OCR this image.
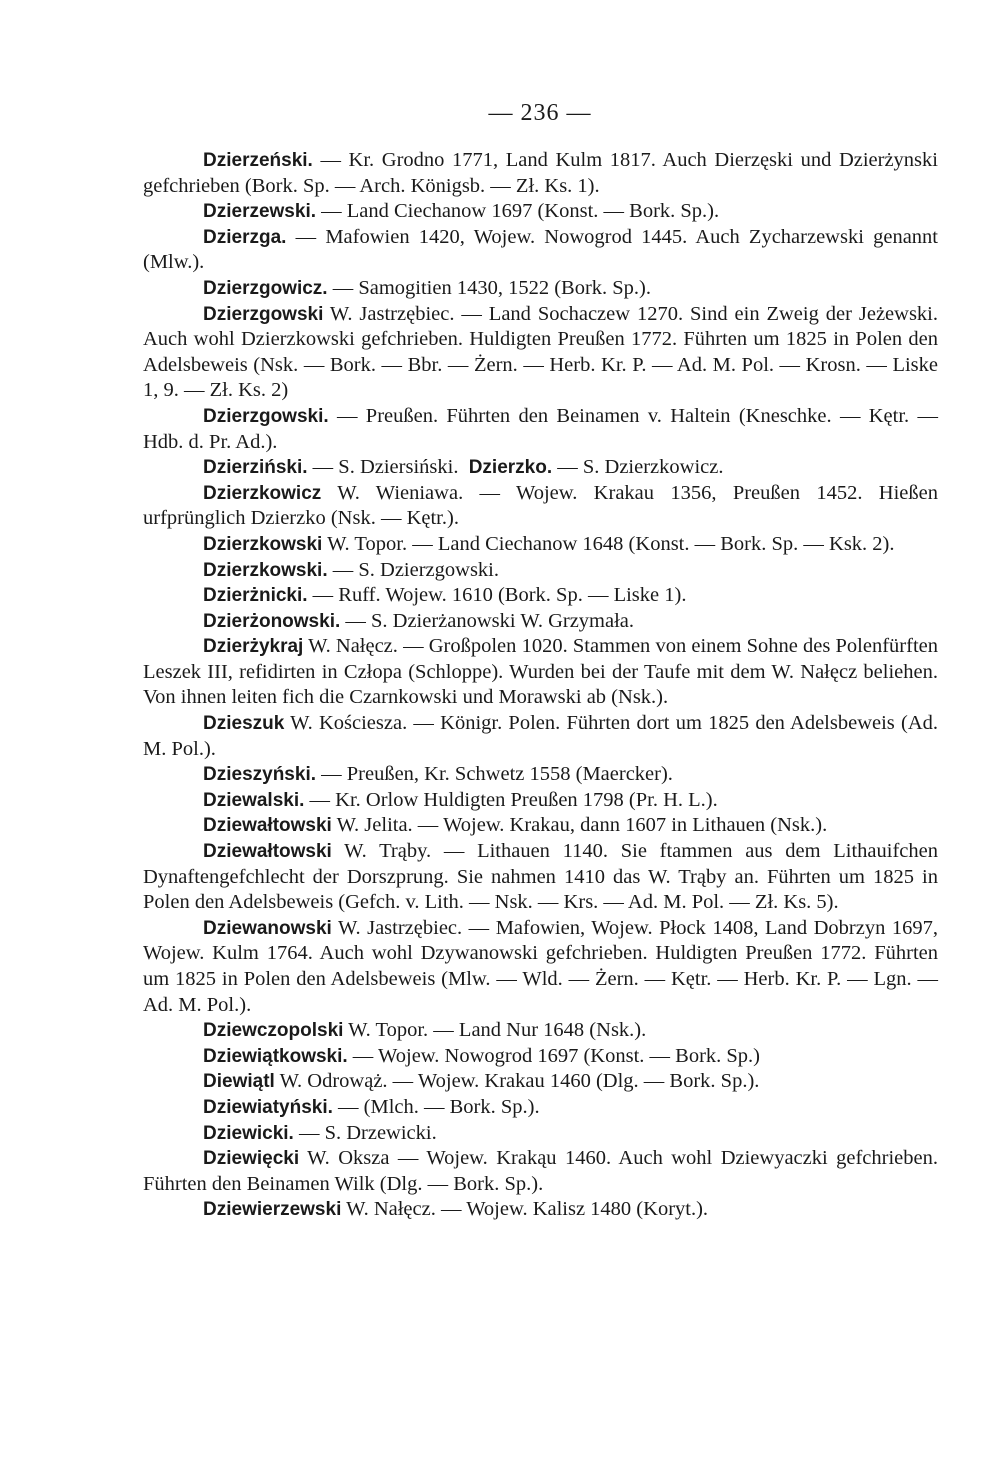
— 236 —

Dzierzeński. — Kr. Grodno 1771, Land Kulm 1817. Auch Dierzęski und Dzierżynski gefchrieben (Bork. Sp. — Arch. Königsb. — Zł. Ks. 1).

Dzierzewski. — Land Ciechanow 1697 (Konst. — Bork. Sp.).

Dzierzga. — Mafowien 1420, Wojew. Nowogrod 1445. Auch Zycharzewski genannt (Mlw.).

Dzierzgowicz. — Samogitien 1430, 1522 (Bork. Sp.).

Dzierzgowski W. Jastrzębiec. — Land Sochaczew 1270. Sind ein Zweig der Jeżewski. Auch wohl Dzierzkowski gefchrieben. Huldigten Preußen 1772. Führten um 1825 in Polen den Adelsbeweis (Nsk. — Bork. — Bbr. — Żern. — Herb. Kr. P. — Ad. M. Pol. — Krosn. — Liske 1, 9. — Zł. Ks. 2)

Dzierzgowski. — Preußen. Führten den Beinamen v. Haltein (Kneschke. — Kętr. — Hdb. d. Pr. Ad.).

Dzierziński. — S. Dziersiński. Dzierzko. — S. Dzierzkowicz.

Dzierzkowicz W. Wieniawa. — Wojew. Krakau 1356, Preußen 1452. Hießen urfprünglich Dzierzko (Nsk. — Kętr.).

Dzierzkowski W. Topor. — Land Ciechanow 1648 (Konst. — Bork. Sp. — Ksk. 2).

Dzierzkowski. — S. Dzierzgowski.

Dzierżnicki. — Ruff. Wojew. 1610 (Bork. Sp. — Liske 1).

Dzierżonowski. — S. Dzierżanowski W. Grzymała.

Dzierżykraj W. Nałęcz. — Großpolen 1020. Stammen von einem Sohne des Polenfürften Leszek III, refidirten in Człopa (Schloppe). Wurden bei der Taufe mit dem W. Nałęcz beliehen. Von ihnen leiten fich die Czarnkowski und Morawski ab (Nsk.).

Dzieszuk W. Kościesza. — Königr. Polen. Führten dort um 1825 den Adelsbeweis (Ad. M. Pol.).

Dzieszyński. — Preußen, Kr. Schwetz 1558 (Maercker).

Dziewalski. — Kr. Orlow Huldigten Preußen 1798 (Pr. H. L.).

Dziewałtowski W. Jelita. — Wojew. Krakau, dann 1607 in Lithauen (Nsk.).

Dziewałtowski W. Trąby. — Lithauen 1140. Sie ftammen aus dem Lithauifchen Dynaftengefchlecht der Dorszprung. Sie nahmen 1410 das W. Trąby an. Führten um 1825 in Polen den Adelsbeweis (Gefch. v. Lith. — Nsk. — Krs. — Ad. M. Pol. — Zł. Ks. 5).

Dziewanowski W. Jastrzębiec. — Mafowien, Wojew. Płock 1408, Land Dobrzyn 1697, Wojew. Kulm 1764. Auch wohl Dzywanowski gefchrieben. Huldigten Preußen 1772. Führten um 1825 in Polen den Adelsbeweis (Mlw. — Wld. — Żern. — Kętr. — Herb. Kr. P. — Lgn. — Ad. M. Pol.).

Dziewczopolski W. Topor. — Land Nur 1648 (Nsk.).

Dziewiątkowski. — Wojew. Nowogrod 1697 (Konst. — Bork. Sp.)

Diewiątl W. Odrowąż. — Wojew. Krakau 1460 (Dlg. — Bork. Sp.).

Dziewiatyński. — (Mlch. — Bork. Sp.).

Dziewicki. — S. Drzewicki.

Dziewięcki W. Oksza — Wojew. Krakąu 1460. Auch wohl Dziewyaczki gefchrieben. Führten den Beinamen Wilk (Dlg. — Bork. Sp.).

Dziewierzewski W. Nałęcz. — Wojew. Kalisz 1480 (Koryt.).
